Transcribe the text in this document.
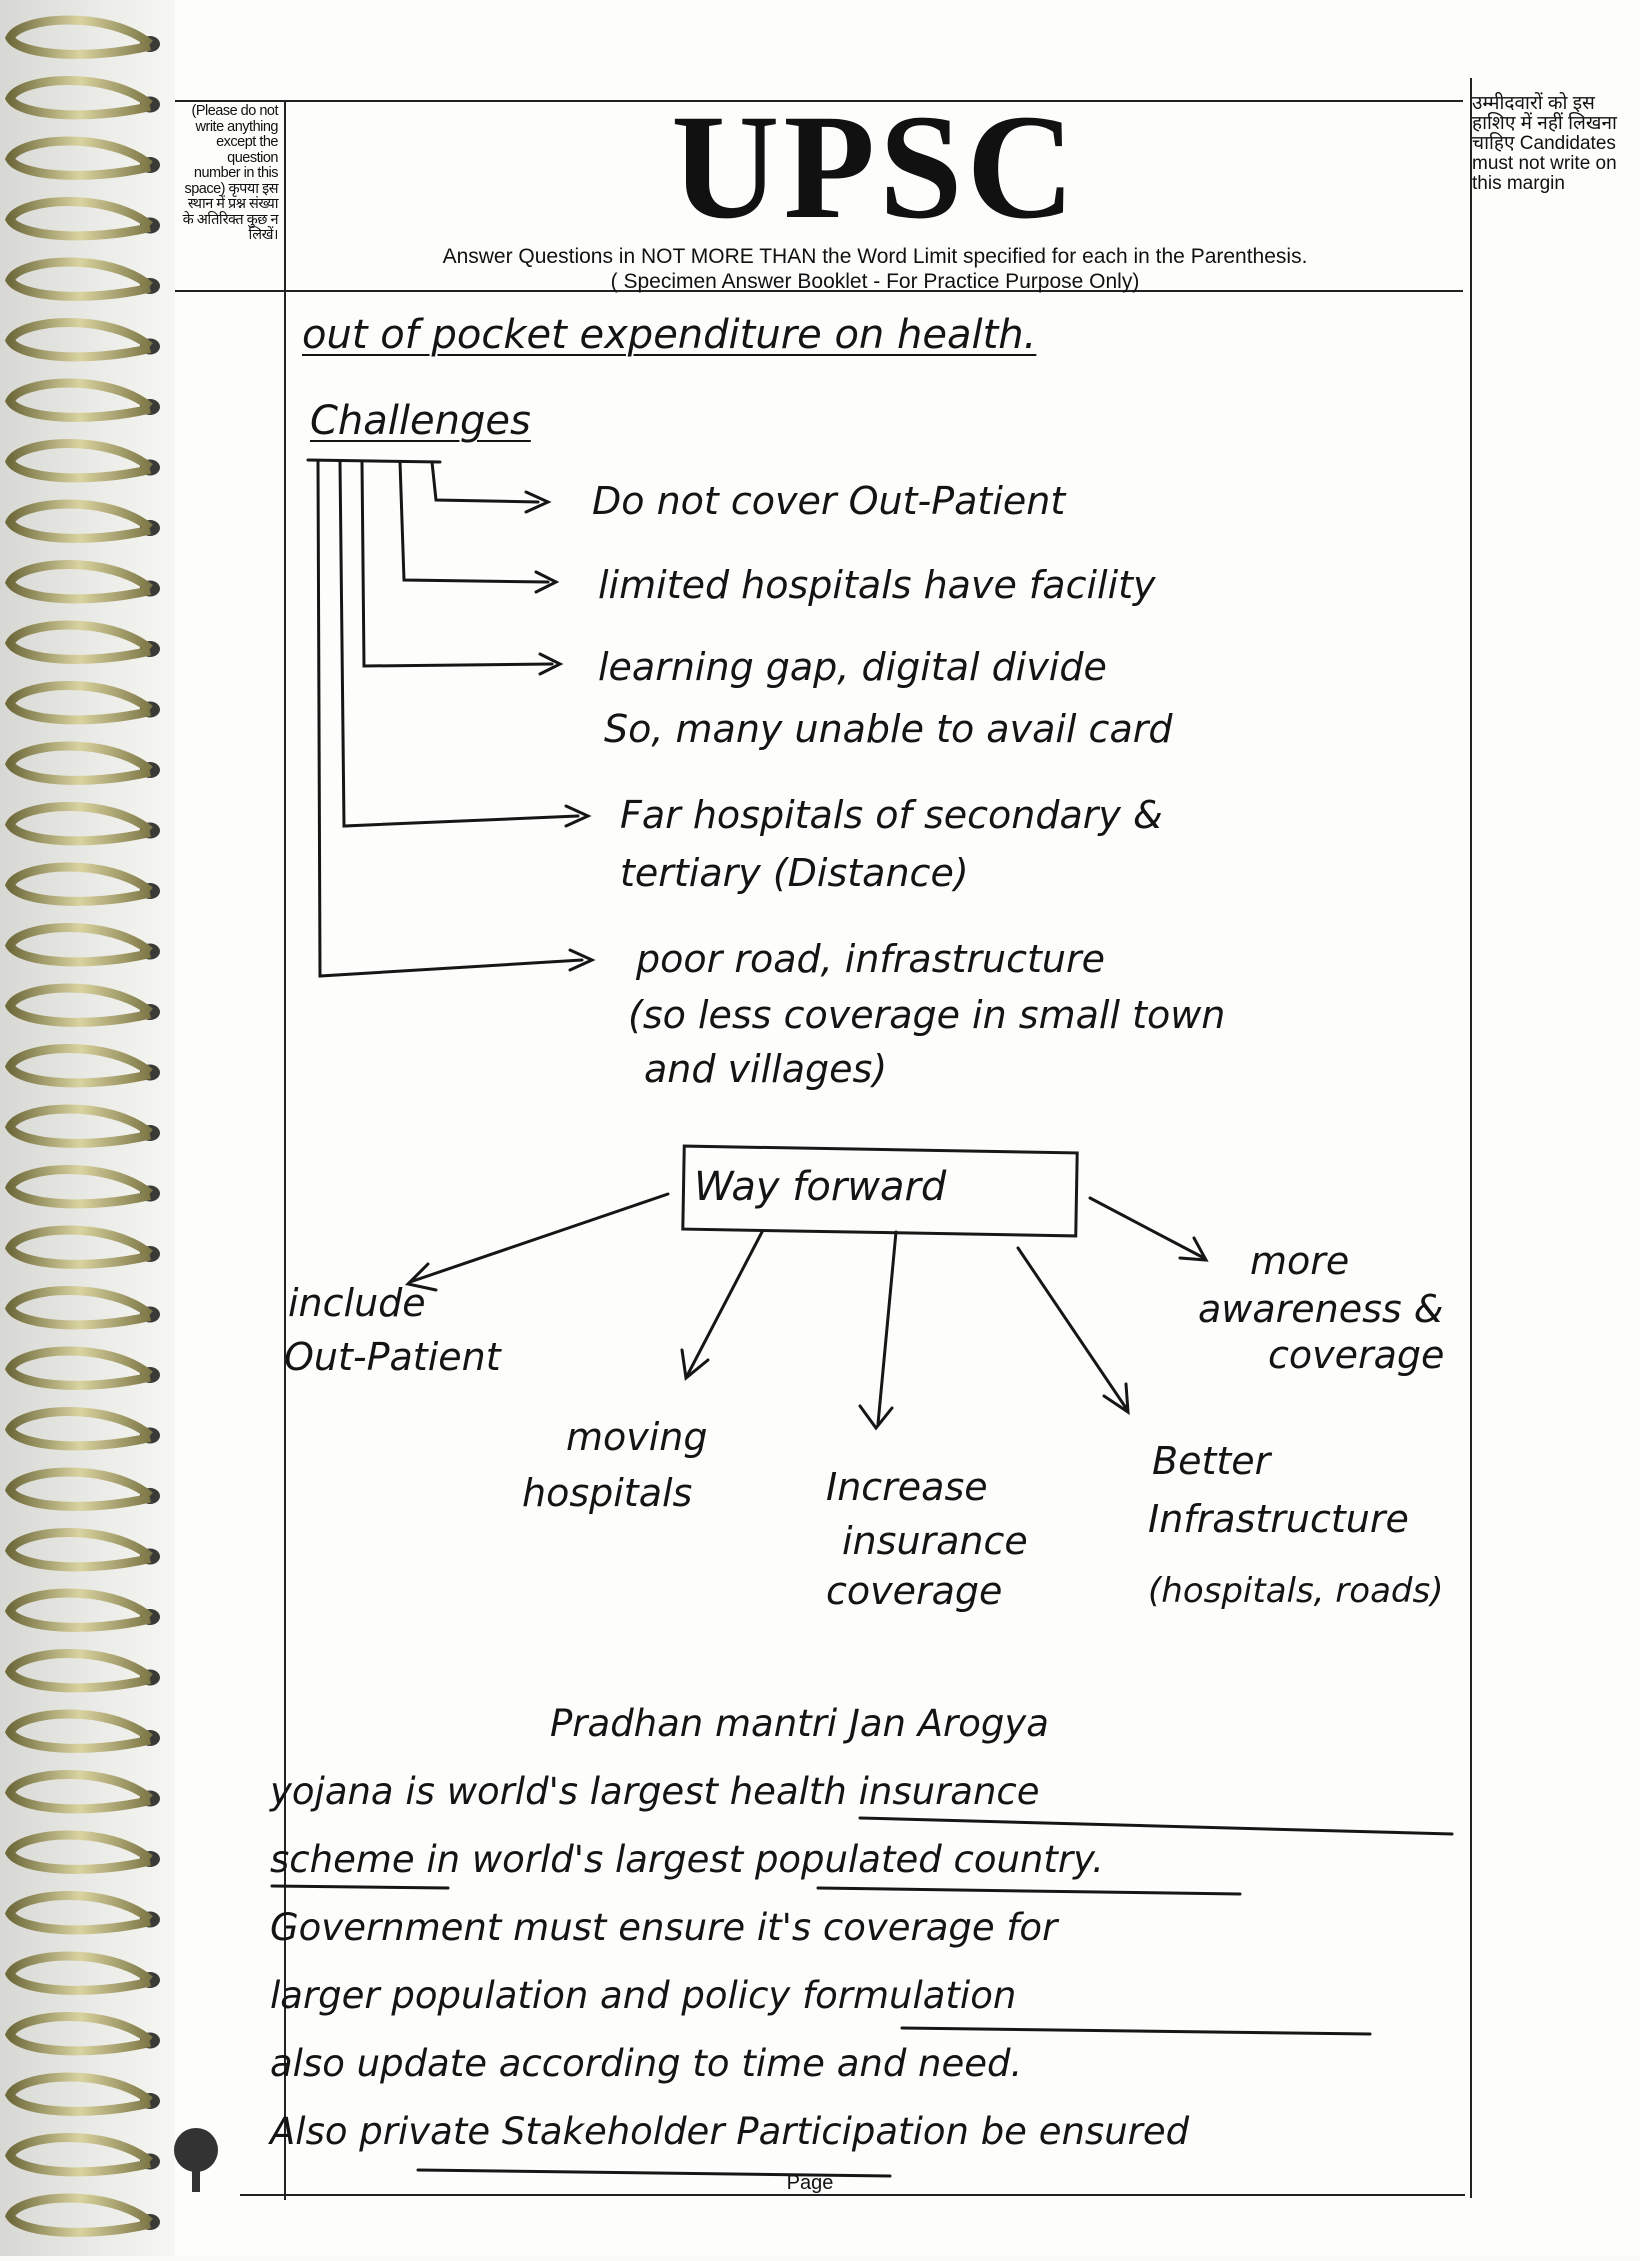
(Please do not write anything except the question number in this space) कृपया इस स्थान में प्रश्न संख्या के अतिरिक्त कुछ न लिखें।	UPSC
Answer Questions in NOT MORE THAN the Word Limit specified for each in the Parenthesis.
( Specimen Answer Booklet - For Practice Purpose Only)
उम्मीदवारों को इस हाशिए में नहीं लिखना चाहिए Candidates must not write on this margin
out of pocket expenditure on health.
Challenges
Do not cover Out-Patient
limited hospitals have facility
learning gap, digital divide
So, many unable to avail card
Far hospitals of secondary &
tertiary (Distance)
poor road, infrastructure
(so less coverage in small town
and villages)
Way forward
include
Out-Patient
moving
hospitals	Increase
insurance
coverage
Better
Infrastructure
(hospitals, roads)
more
awareness &
coverage
Pradhan mantri Jan Arogya
yojana is world's largest health insurance
scheme in world's largest populated country.
Government must ensure it's coverage for
larger population and policy formulation
also update according to time and need.
Also private Stakeholder Participation be ensured
Page
